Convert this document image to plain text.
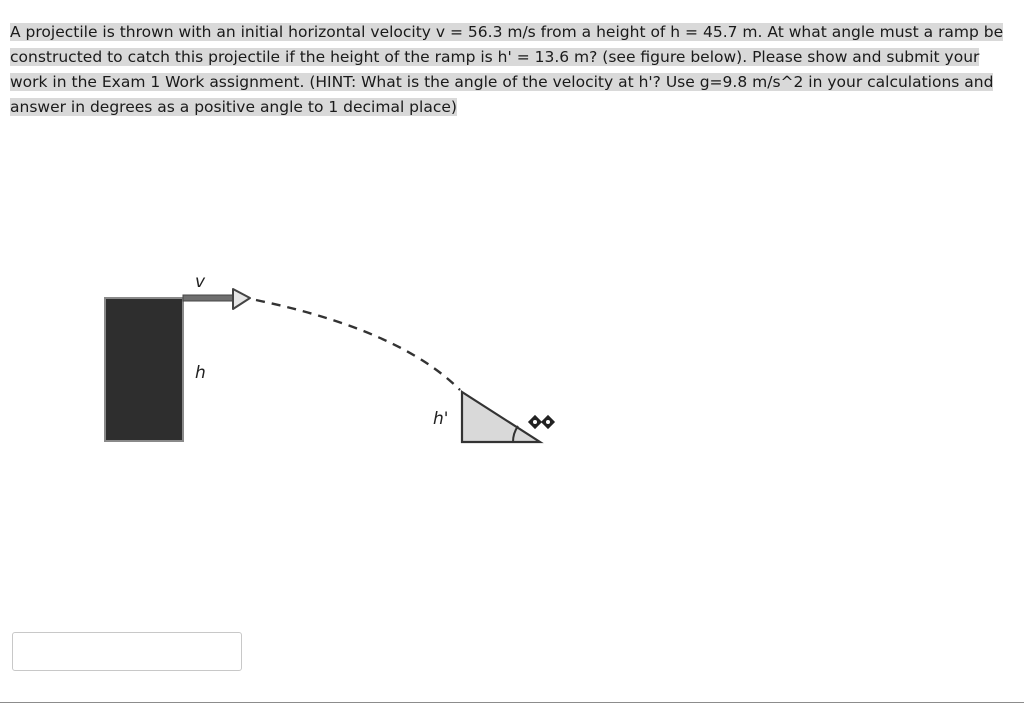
A projectile is thrown with an initial horizontal velocity v = 56.3 m/s from a height of h = 45.7 m. At what angle must a ramp be constructed to catch this projectile if the height of the ramp is h' = 13.6 m? (see figure below). Please show and submit your work in the Exam 1 Work assignment. (HINT: What is the angle of the velocity at h'? Use g=9.8 m/s^2 in your calculations and answer in degrees as a positive angle to 1 decimal place)
v
h
h'
